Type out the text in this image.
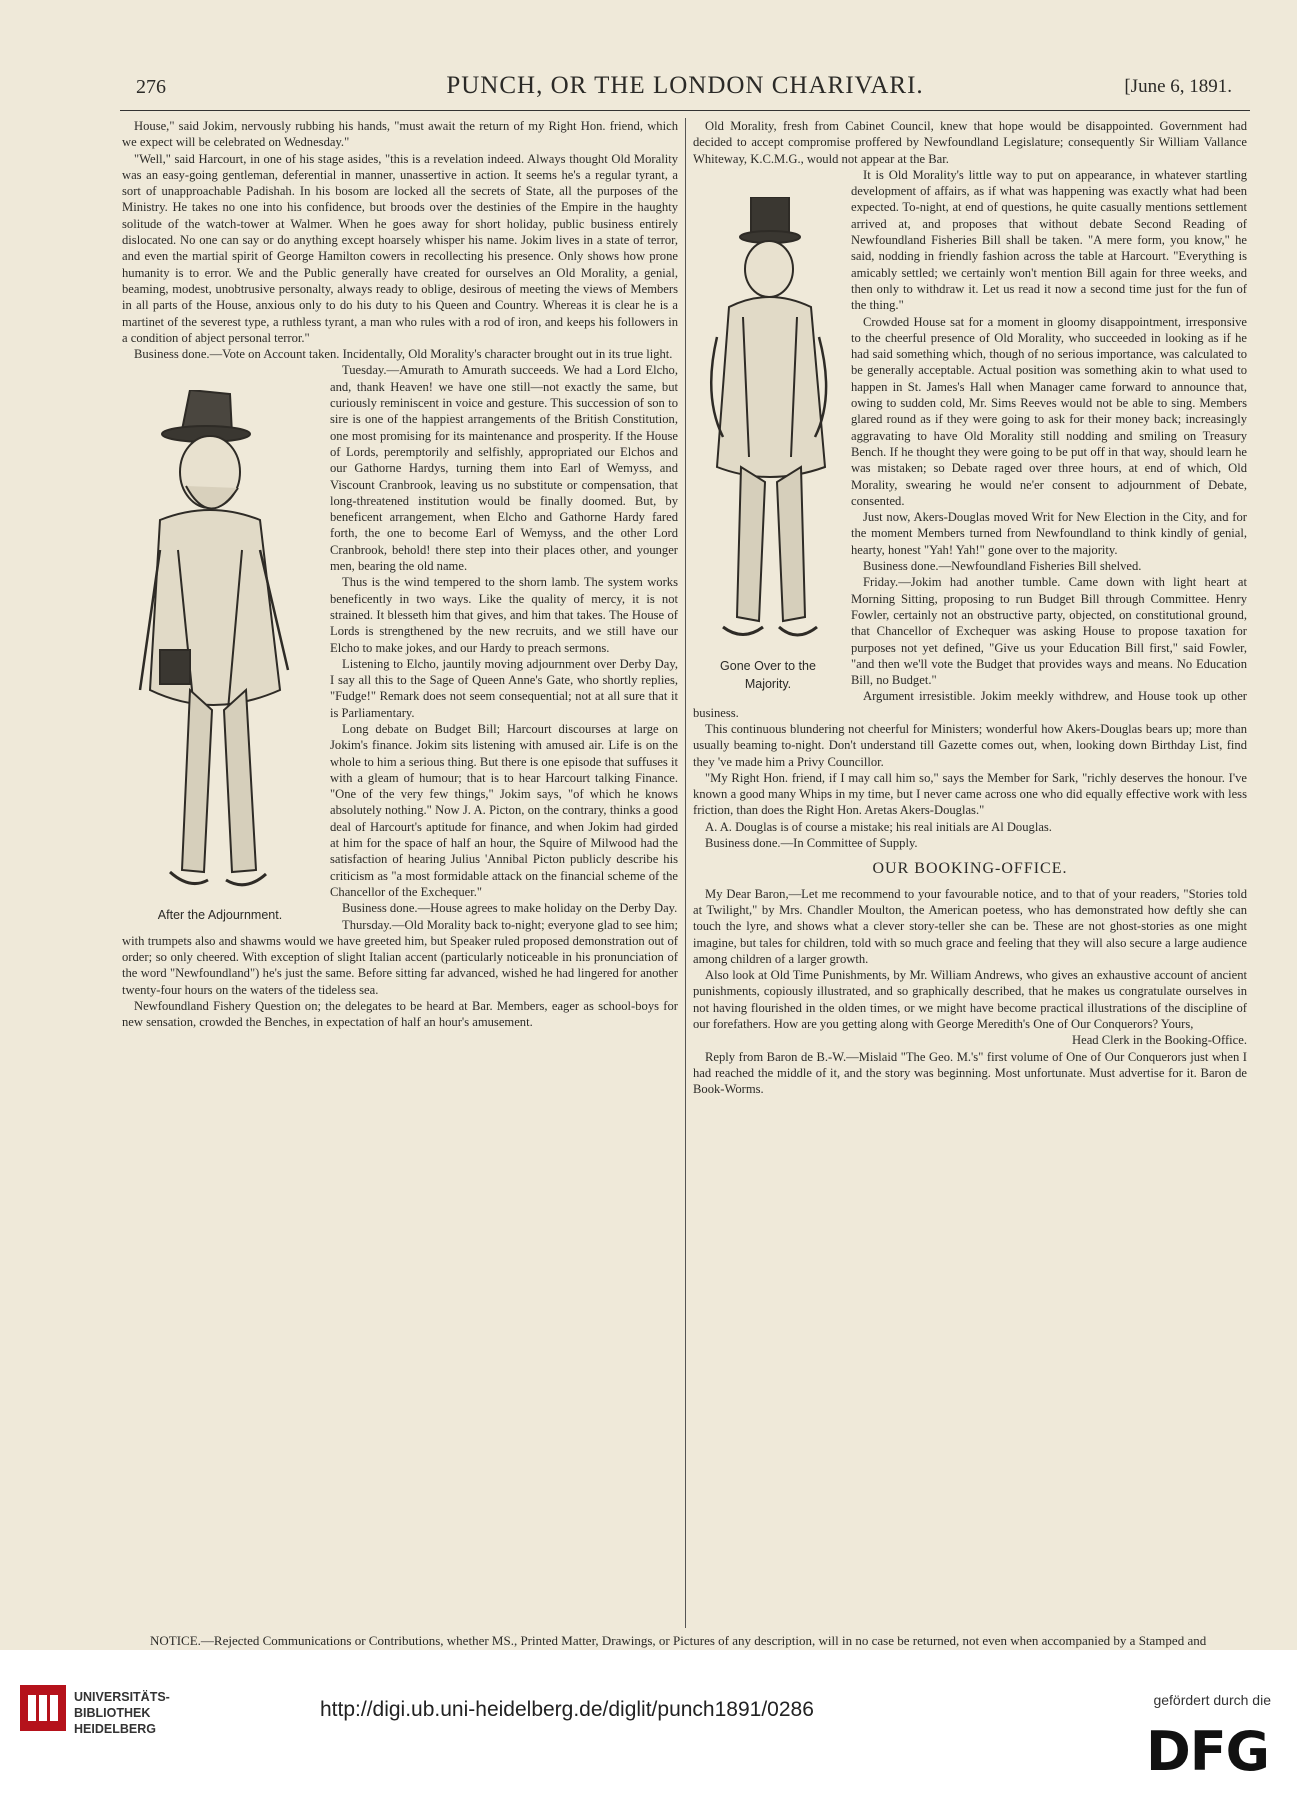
276	PUNCH, OR THE LONDON CHARIVARI.	[June 6, 1891.

House," said Jokim, nervously rubbing his hands, "must await the return of my Right Hon. friend, which we expect will be celebrated on Wednesday."

"Well," said Harcourt, in one of his stage asides, "this is a revelation indeed. Always thought Old Morality was an easy-going gentleman, deferential in manner, unassertive in action. It seems he's a regular tyrant, a sort of unapproachable Padishah. In his bosom are locked all the secrets of State, all the purposes of the Ministry. He takes no one into his confidence, but broods over the destinies of the Empire in the haughty solitude of the watch-tower at Walmer. When he goes away for short holiday, public business entirely dislocated. No one can say or do anything except hoarsely whisper his name. Jokim lives in a state of terror, and even the martial spirit of George Hamilton cowers in recollecting his presence. Only shows how prone humanity is to error. We and the Public generally have created for ourselves an Old Morality, a genial, beaming, modest, unobtrusive personalty, always ready to oblige, desirous of meeting the views of Members in all parts of the House, anxious only to do his duty to his Queen and Country. Whereas it is clear he is a martinet of the severest type, a ruthless tyrant, a man who rules with a rod of iron, and keeps his followers in a condition of abject personal terror."

Business done.—Vote on Account taken. Incidentally, Old Morality's character brought out in its true light.

After the Adjournment.

Tuesday.—Amurath to Amurath succeeds. We had a Lord Elcho, and, thank Heaven! we have one still—not exactly the same, but curiously reminiscent in voice and gesture. This succession of son to sire is one of the happiest arrangements of the British Constitution, one most promising for its maintenance and prosperity. If the House of Lords, peremptorily and selfishly, appropriated our Elchos and our Gathorne Hardys, turning them into Earl of Wemyss, and Viscount Cranbrook, leaving us no substitute or compensation, that long-threatened institution would be finally doomed. But, by beneficent arrangement, when Elcho and Gathorne Hardy fared forth, the one to become Earl of Wemyss, and the other Lord Cranbrook, behold! there step into their places other, and younger men, bearing the old name.

Thus is the wind tempered to the shorn lamb. The system works beneficently in two ways. Like the quality of mercy, it is not strained. It blesseth him that gives, and him that takes. The House of Lords is strengthened by the new recruits, and we still have our Elcho to make jokes, and our Hardy to preach sermons.

Listening to Elcho, jauntily moving adjournment over Derby Day, I say all this to the Sage of Queen Anne's Gate, who shortly replies, "Fudge!" Remark does not seem consequential; not at all sure that it is Parliamentary.

Long debate on Budget Bill; Harcourt discourses at large on Jokim's finance. Jokim sits listening with amused air. Life is on the whole to him a serious thing. But there is one episode that suffuses it with a gleam of humour; that is to hear Harcourt talking Finance. "One of the very few things," Jokim says, "of which he knows absolutely nothing." Now J. A. Picton, on the contrary, thinks a good deal of Harcourt's aptitude for finance, and when Jokim had girded at him for the space of half an hour, the Squire of Milwood had the satisfaction of hearing Julius 'Annibal Picton publicly describe his criticism as "a most formidable attack on the financial scheme of the Chancellor of the Exchequer."

Business done.—House agrees to make holiday on the Derby Day.

Thursday.—Old Morality back to-night; everyone glad to see him; with trumpets also and shawms would we have greeted him, but Speaker ruled proposed demonstration out of order; so only cheered. With exception of slight Italian accent (particularly noticeable in his pronunciation of the word "Newfoundland") he's just the same. Before sitting far advanced, wished he had lingered for another twenty-four hours on the waters of the tideless sea.

Newfoundland Fishery Question on; the delegates to be heard at Bar. Members, eager as school-boys for new sensation, crowded the Benches, in expectation of half an hour's amusement.

Old Morality, fresh from Cabinet Council, knew that hope would be disappointed. Government had decided to accept compromise proffered by Newfoundland Legislature; consequently Sir William Vallance Whiteway, K.C.M.G., would not appear at the Bar.

Gone Over to the
Majority.

It is Old Morality's little way to put on appearance, in whatever startling development of affairs, as if what was happening was exactly what had been expected. To-night, at end of questions, he quite casually mentions settlement arrived at, and proposes that without debate Second Reading of Newfoundland Fisheries Bill shall be taken. "A mere form, you know," he said, nodding in friendly fashion across the table at Harcourt. "Everything is amicably settled; we certainly won't mention Bill again for three weeks, and then only to withdraw it. Let us read it now a second time just for the fun of the thing."

Crowded House sat for a moment in gloomy disappointment, irresponsive to the cheerful presence of Old Morality, who succeeded in looking as if he had said something which, though of no serious importance, was calculated to be generally acceptable. Actual position was something akin to what used to happen in St. James's Hall when Manager came forward to announce that, owing to sudden cold, Mr. Sims Reeves would not be able to sing. Members glared round as if they were going to ask for their money back; increasingly aggravating to have Old Morality still nodding and smiling on Treasury Bench. If he thought they were going to be put off in that way, should learn he was mistaken; so Debate raged over three hours, at end of which, Old Morality, swearing he would ne'er consent to adjournment of Debate, consented.

Just now, Akers-Douglas moved Writ for New Election in the City, and for the moment Members turned from Newfoundland to think kindly of genial, hearty, honest "Yah! Yah!" gone over to the majority.

Business done.—Newfoundland Fisheries Bill shelved.

Friday.—Jokim had another tumble. Came down with light heart at Morning Sitting, proposing to run Budget Bill through Committee. Henry Fowler, certainly not an obstructive party, objected, on constitutional ground, that Chancellor of Exchequer was asking House to propose taxation for purposes not yet defined, "Give us your Education Bill first," said Fowler, "and then we'll vote the Budget that provides ways and means. No Education Bill, no Budget."

Argument irresistible. Jokim meekly withdrew, and House took up other business.

This continuous blundering not cheerful for Ministers; wonderful how Akers-Douglas bears up; more than usually beaming to-night. Don't understand till Gazette comes out, when, looking down Birthday List, find they 've made him a Privy Councillor.

"My Right Hon. friend, if I may call him so," says the Member for Sark, "richly deserves the honour. I've known a good many Whips in my time, but I never came across one who did equally effective work with less friction, than does the Right Hon. Aretas Akers-Douglas."

A. A. Douglas is of course a mistake; his real initials are Al Douglas.

Business done.—In Committee of Supply.

OUR BOOKING-OFFICE.

My Dear Baron,—Let me recommend to your favourable notice, and to that of your readers, "Stories told at Twilight," by Mrs. Chandler Moulton, the American poetess, who has demonstrated how deftly she can touch the lyre, and shows what a clever story-teller she can be. These are not ghost-stories as one might imagine, but tales for children, told with so much grace and feeling that they will also secure a large audience among children of a larger growth.

Also look at Old Time Punishments, by Mr. William Andrews, who gives an exhaustive account of ancient punishments, copiously illustrated, and so graphically described, that he makes us congratulate ourselves in not having flourished in the olden times, or we might have become practical illustrations of the discipline of our forefathers. How are you getting along with George Meredith's One of Our Conquerors? Yours,

Head Clerk in the Booking-Office.

Reply from Baron de B.-W.—Mislaid "The Geo. M.'s" first volume of One of Our Conquerors just when I had reached the middle of it, and the story was beginning. Most unfortunate. Must advertise for it. Baron de Book-Worms.

NOTICE.—Rejected Communications or Contributions, whether MS., Printed Matter, Drawings, or Pictures of any description, will in no case be returned, not even when accompanied by a Stamped and
UNIVERSITÄTS-
BIBLIOTHEK
HEIDELBERG
http://digi.ub.uni-heidelberg.de/diglit/punch1891/0286	gefördert durch die
DFG
